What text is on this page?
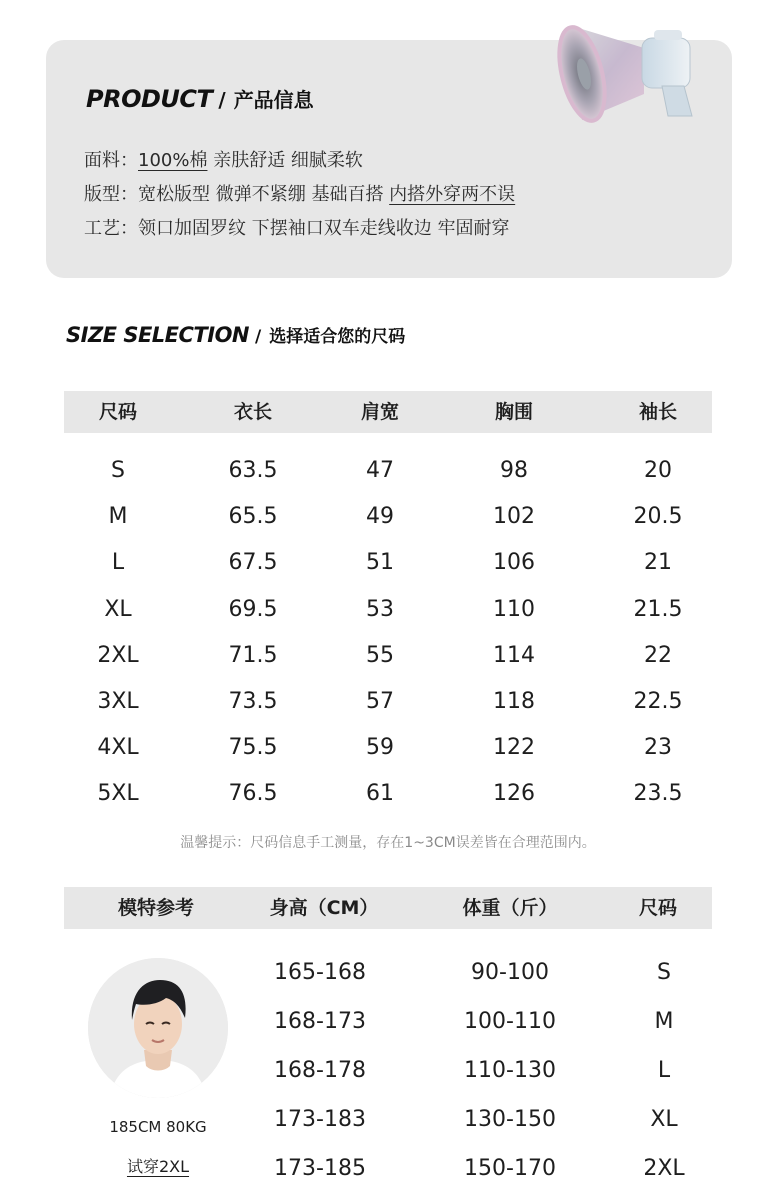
PRODUCT / 产品信息
面料：100%棉 亲肤舒适 细腻柔软
版型：宽松版型 微弹不紧绷 基础百搭 内搭外穿两不误
工艺：领口加固罗纹 下摆袖口双车走线收边 牢固耐穿
SIZE SELECTION / 选择适合您的尺码
尺码	衣长	肩宽	胸围	袖长
S	63.5	47	98	20
M	65.5	49	102	20.5
L	67.5	51	106	21
XL	69.5	53	110	21.5
2XL	71.5	55	114	22
3XL	73.5	57	118	22.5
4XL	75.5	59	122	23
5XL	76.5	61	126	23.5
温馨提示：尺码信息手工测量，存在1~3CM误差皆在合理范围内。
模特参考	身高（CM）	体重（斤）	尺码
185CM 80KG
试穿2XL
165-168	90-100	S
168-173	100-110	M
168-178	110-130	L
173-183	130-150	XL
173-185	150-170	2XL
